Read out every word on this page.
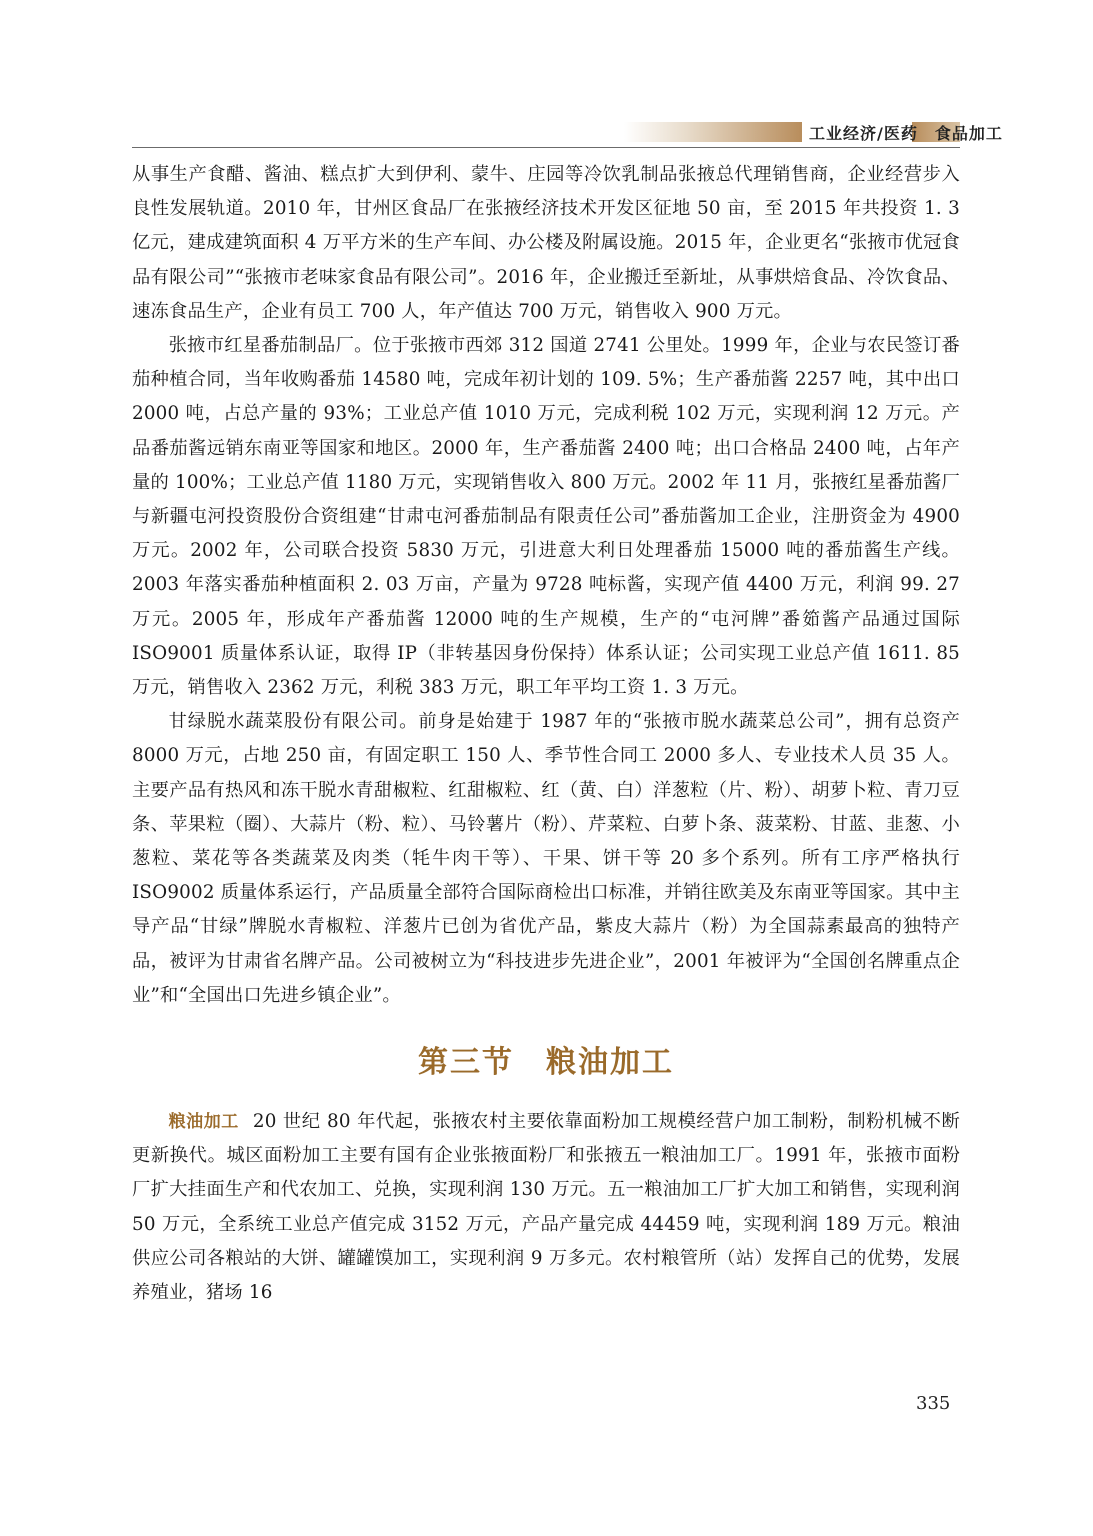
工业经济/医药　食品加工

从事生产食醋、酱油、糕点扩大到伊利、蒙牛、庄园等冷饮乳制品张掖总代理销售商，企业经营步入良性发展轨道。2010 年，甘州区食品厂在张掖经济技术开发区征地 50 亩，至 2015 年共投资 1. 3 亿元，建成建筑面积 4 万平方米的生产车间、办公楼及附属设施。2015 年，企业更名“张掖市优冠食品有限公司”“张掖市老味家食品有限公司”。2016 年，企业搬迁至新址，从事烘焙食品、冷饮食品、速冻食品生产，企业有员工 700 人，年产值达 700 万元，销售收入 900 万元。

张掖市红星番茄制品厂。位于张掖市西郊 312 国道 2741 公里处。1999 年，企业与农民签订番茄种植合同，当年收购番茄 14580 吨，完成年初计划的 109. 5%；生产番茄酱 2257 吨，其中出口 2000 吨，占总产量的 93%；工业总产值 1010 万元，完成利税 102 万元，实现利润 12 万元。产品番茄酱远销东南亚等国家和地区。2000 年，生产番茄酱 2400 吨；出口合格品 2400 吨，占年产量的 100%；工业总产值 1180 万元，实现销售收入 800 万元。2002 年 11 月，张掖红星番茄酱厂与新疆屯河投资股份合资组建“甘肃屯河番茄制品有限责任公司”番茄酱加工企业，注册资金为 4900 万元。2002 年，公司联合投资 5830 万元，引进意大利日处理番茄 15000 吨的番茄酱生产线。2003 年落实番茄种植面积 2. 03 万亩，产量为 9728 吨标酱，实现产值 4400 万元，利润 99. 27 万元。2005 年，形成年产番茄酱 12000 吨的生产规模，生产的“屯河牌”番筎酱产品通过国际 ISO9001 质量体系认证，取得 IP（非转基因身份保持）体系认证；公司实现工业总产值 1611. 85 万元，销售收入 2362 万元，利税 383 万元，职工年平均工资 1. 3 万元。

甘绿脱水蔬菜股份有限公司。前身是始建于 1987 年的“张掖市脱水蔬菜总公司”，拥有总资产 8000 万元，占地 250 亩，有固定职工 150 人、季节性合同工 2000 多人、专业技术人员 35 人。主要产品有热风和冻干脱水青甜椒粒、红甜椒粒、红（黄、白）洋葱粒（片、粉）、胡萝卜粒、青刀豆条、苹果粒（圈）、大蒜片（粉、粒）、马铃薯片（粉）、芹菜粒、白萝卜条、菠菜粉、甘蓝、韭葱、小葱粒、菜花等各类蔬菜及肉类（牦牛肉干等）、干果、饼干等 20 多个系列。所有工序严格执行 ISO9002 质量体系运行，产品质量全部符合国际商检出口标准，并销往欧美及东南亚等国家。其中主导产品“甘绿”牌脱水青椒粒、洋葱片已创为省优产品，紫皮大蒜片（粉）为全国蒜素最高的独特产品，被评为甘肃省名牌产品。公司被树立为“科技进步先进企业”，2001 年被评为“全国创名牌重点企业”和“全国出口先进乡镇企业”。

第三节 粮油加工

粮油加工 20 世纪 80 年代起，张掖农村主要依靠面粉加工规模经营户加工制粉，制粉机械不断更新换代。城区面粉加工主要有国有企业张掖面粉厂和张掖五一粮油加工厂。1991 年，张掖市面粉厂扩大挂面生产和代农加工、兑换，实现利润 130 万元。五一粮油加工厂扩大加工和销售，实现利润 50 万元，全系统工业总产值完成 3152 万元，产品产量完成 44459 吨，实现利润 189 万元。粮油供应公司各粮站的大饼、罐罐馍加工，实现利润 9 万多元。农村粮管所（站）发挥自己的优势，发展养殖业，猪场 16

335
